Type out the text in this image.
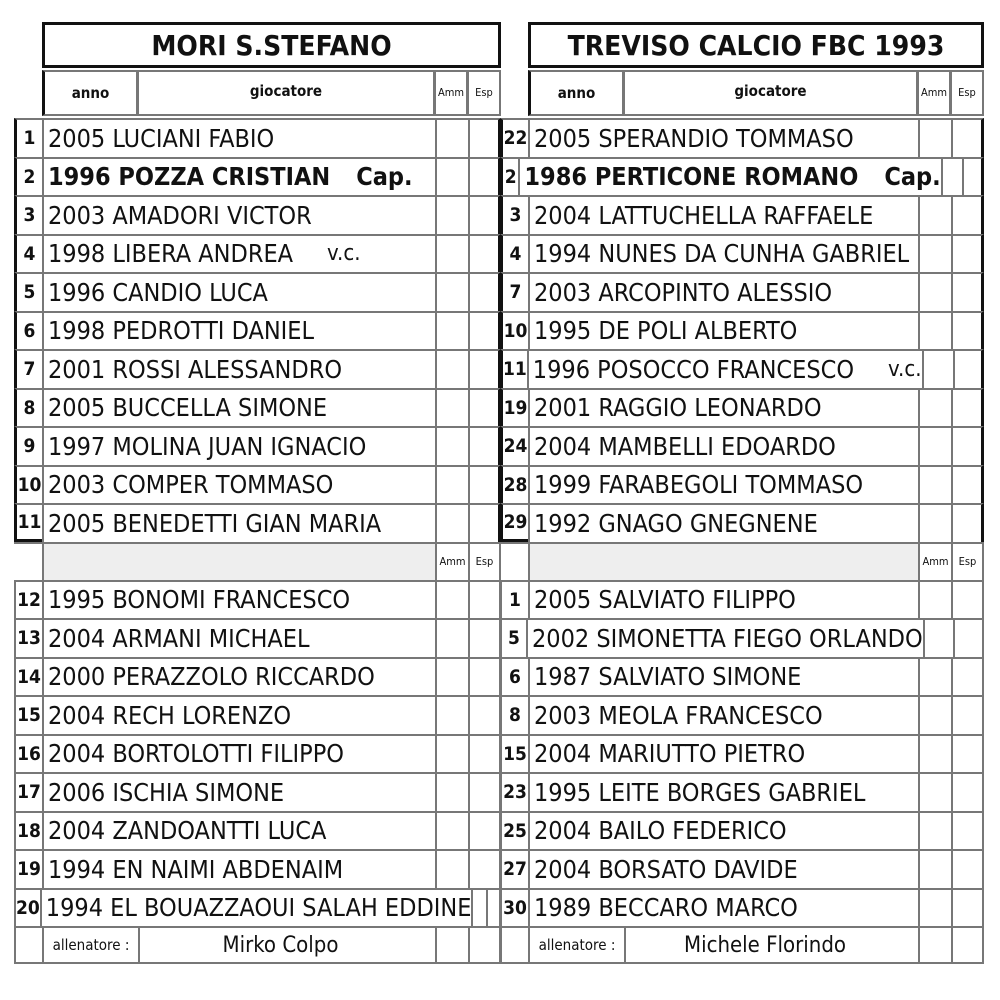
MORI S.STEFANO
anno	giocatore	Amm	Esp
1 2005 LUCIANI FABIO
2 1996 POZZA CRISTIAN Cap.
3 2003 AMADORI VICTOR
4 1998 LIBERA ANDREA v.c.
5 1996 CANDIO LUCA
6 1998 PEDROTTI DANIEL
7 2001 ROSSI ALESSANDRO
8 2005 BUCCELLA SIMONE
9 1997 MOLINA JUAN IGNACIO
10 2003 COMPER TOMMASO
11 2005 BENEDETTI GIAN MARIA
Amm Esp
12 1995 BONOMI FRANCESCO
13 2004 ARMANI MICHAEL
14 2000 PERAZZOLO RICCARDO
15 2004 RECH LORENZO
16 2004 BORTOLOTTI FILIPPO
17 2006 ISCHIA SIMONE
18 2004 ZANDOANTTI LUCA
19 1994 EN NAIMI ABDENAIM
20 1994 EL BOUAZZAOUI SALAH EDDINE
allenatore :	Mirko Colpo
TREVISO CALCIO FBC 1993
anno	giocatore	Amm	Esp
22 2005 SPERANDIO TOMMASO
2 1986 PERTICONE ROMANO Cap.
3 2004 LATTUCHELLA RAFFAELE
4 1994 NUNES DA CUNHA GABRIEL
7 2003 ARCOPINTO ALESSIO
10 1995 DE POLI ALBERTO
11 1996 POSOCCO FRANCESCO v.c.
19 2001 RAGGIO LEONARDO
24 2004 MAMBELLI EDOARDO
28 1999 FARABEGOLI TOMMASO
29 1992 GNAGO GNEGNENE
Amm Esp
1 2005 SALVIATO FILIPPO
5 2002 SIMONETTA FIEGO ORLANDO
6 1987 SALVIATO SIMONE
8 2003 MEOLA FRANCESCO
15 2004 MARIUTTO PIETRO
23 1995 LEITE BORGES GABRIEL
25 2004 BAILO FEDERICO
27 2004 BORSATO DAVIDE
30 1989 BECCARO MARCO
allenatore :	Michele Florindo
